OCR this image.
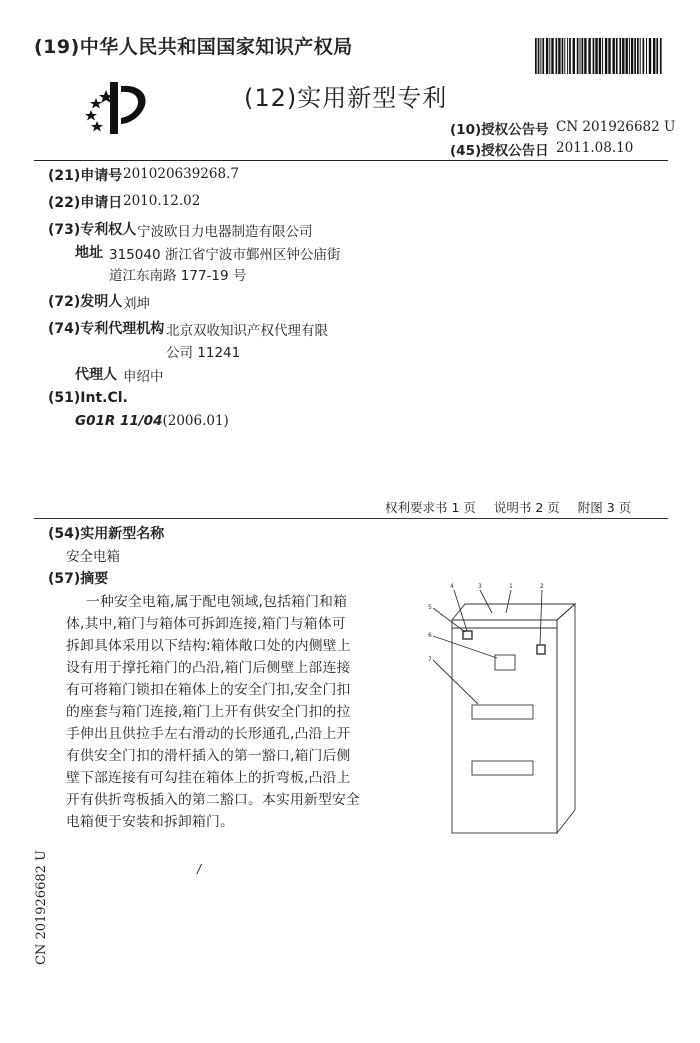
(19)中华人民共和国国家知识产权局
(12)实用新型专利
(10)授权公告号 CN 201926682 U
(45)授权公告日 2011.08.10
(21)申请号 201020639268.7
(22)申请日 2010.12.02
(73)专利权人 宁波欧日力电器制造有限公司
地址 315040 浙江省宁波市鄞州区钟公庙街
道江东南路 177-19 号
(72)发明人 刘坤
(74)专利代理机构 北京双收知识产权代理有限
公司 11241
代理人 申绍中
(51)Int.Cl.
G01R 11/04(2006.01)
权利要求书 1 页 说明书 2 页 附图 3 页
(54)实用新型名称
安全电箱
(57)摘要
一种安全电箱,属于配电领域,包括箱门和箱
体,其中,箱门与箱体可拆卸连接,箱门与箱体可
拆卸具体采用以下结构:箱体敞口处的内侧壁上
设有用于撑托箱门的凸沿,箱门后侧壁上部连接
有可将箱门锁扣在箱体上的安全门扣,安全门扣
的座套与箱门连接,箱门上开有供安全门扣的拉
手伸出且供拉手左右滑动的长形通孔,凸沿上开
有供安全门扣的滑杆插入的第一豁口,箱门后侧
壁下部连接有可勾挂在箱体上的折弯板,凸沿上
开有供折弯板插入的第二豁口。本实用新型安全
电箱便于安装和拆卸箱门。
4	3	1	2
5
6
7
/
CN 201926682 U
